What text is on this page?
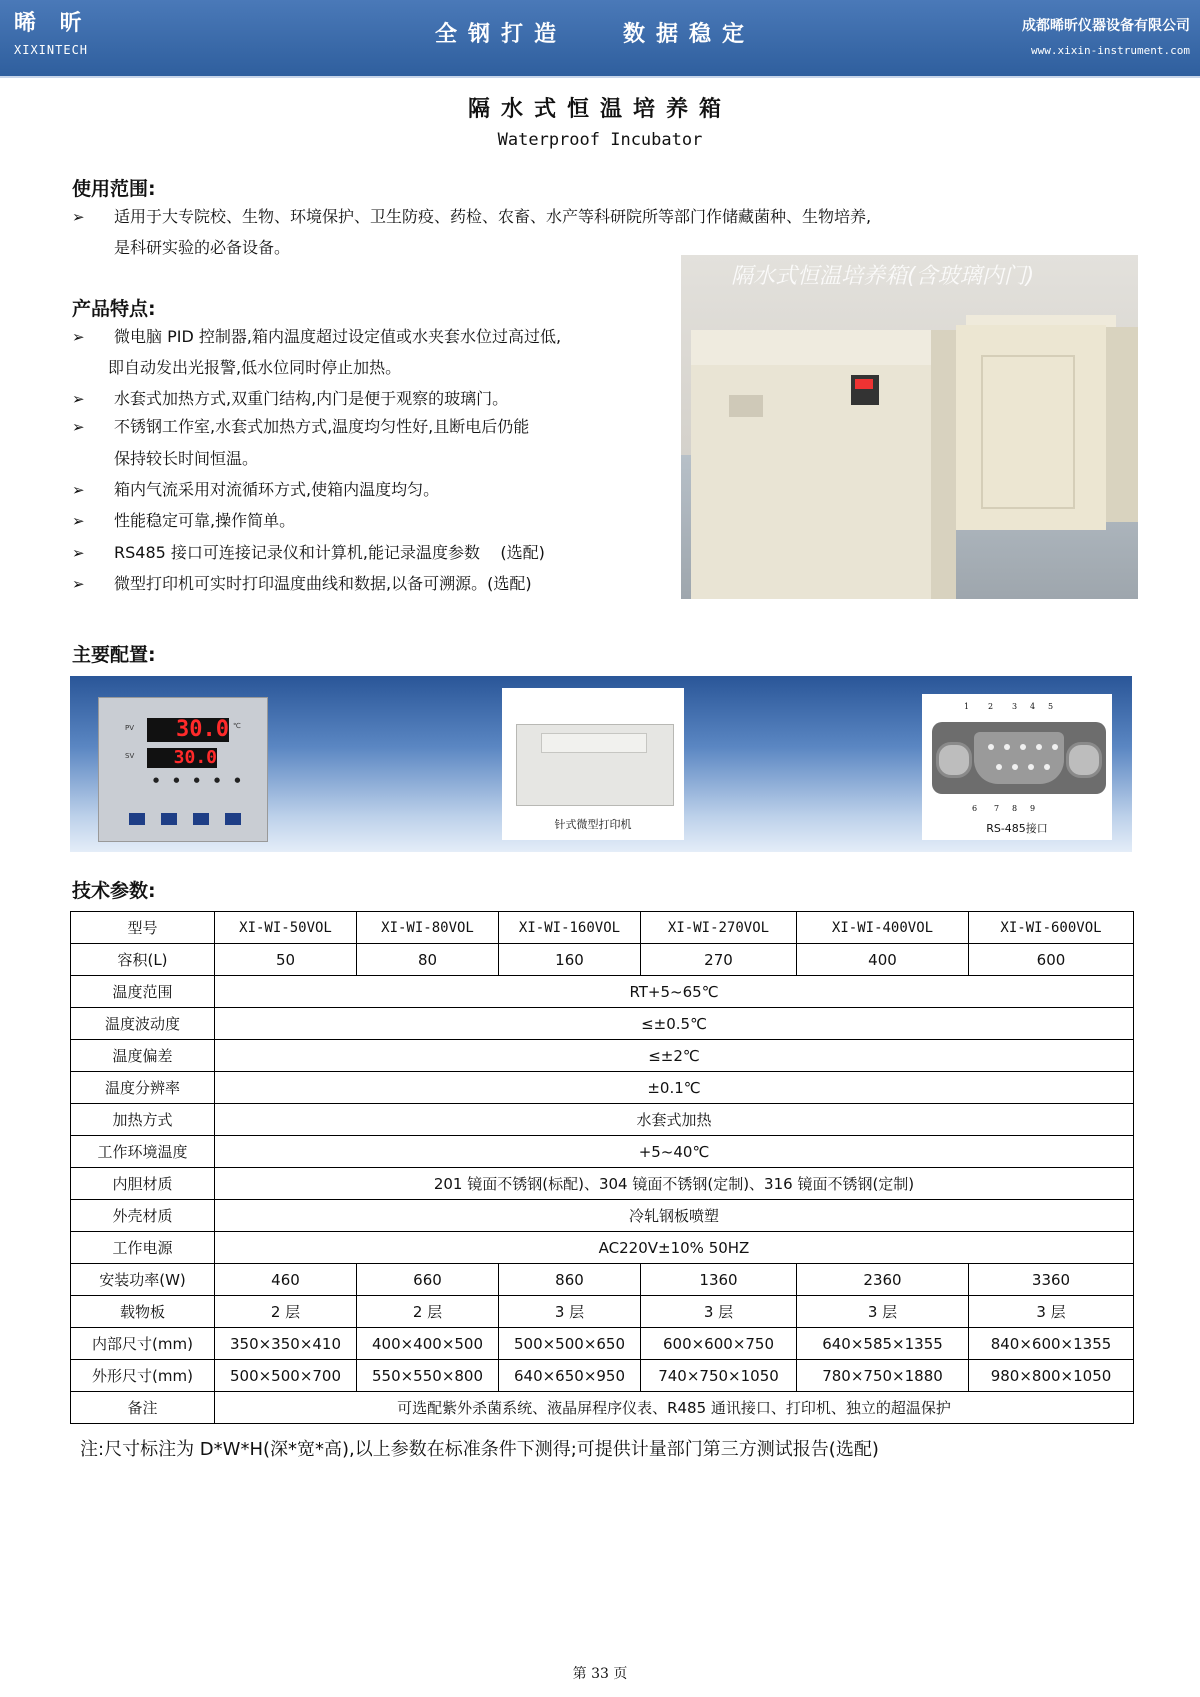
晞 昕
XIXINTECH
全钢打造   数据稳定	成都晞昕仪器设备有限公司
www.xixin-instrument.com
隔水式恒温培养箱
Waterproof Incubator
使用范围:
➢ 适用于大专院校、生物、环境保护、卫生防疫、药检、农畜、水产等科研院所等部门作储藏菌种、生物培养,
是科研实验的必备设备。
产品特点:
➢ 微电脑 PID 控制器,箱内温度超过设定值或水夹套水位过高过低,
即自动发出光报警,低水位同时停止加热。
➢ 水套式加热方式,双重门结构,内门是便于观察的玻璃门。
➢ 不锈钢工作室,水套式加热方式,温度均匀性好,且断电后仍能
保持较长时间恒温。
➢ 箱内气流采用对流循环方式,使箱内温度均匀。
➢ 性能稳定可靠,操作简单。
➢ RS485 接口可连接记录仪和计算机,能记录温度参数    (选配)
➢ 微型打印机可实时打印温度曲线和数据,以备可溯源。(选配)
隔水式恒温培养箱(含玻璃内门)
主要配置:
PV	30.0 ℃
SV	30.0
● ● ● ● ●
针式微型打印机
1 2 3 4 5
6 7 8 9
RS-485接口
技术参数:
型号	XI-WI-50VOL	XI-WI-80VOL	XI-WI-160VOL	XI-WI-270VOL	XI-WI-400VOL	XI-WI-600VOL
容积(L)	50	80	160	270	400	600
温度范围	RT+5~65℃					
温度波动度	≤±0.5℃					
温度偏差	≤±2℃					
温度分辨率	±0.1℃					
加热方式	水套式加热					
工作环境温度	+5~40℃					
内胆材质	201 镜面不锈钢(标配)、304 镜面不锈钢(定制)、316 镜面不锈钢(定制)					
外壳材质	冷轧钢板喷塑					
工作电源	AC220V±10% 50HZ					
安装功率(W)	460	660	860	1360	2360	3360
载物板	2 层	2 层	3 层	3 层	3 层	3 层
内部尺寸(mm)	350×350×410	400×400×500	500×500×650	600×600×750	640×585×1355	840×600×1355
外形尺寸(mm)	500×500×700	550×550×800	640×650×950	740×750×1050	780×750×1880	980×800×1050
备注	可选配紫外杀菌系统、液晶屏程序仪表、R485 通讯接口、打印机、独立的超温保护					
注:尺寸标注为 D*W*H(深*宽*高),以上参数在标准条件下测得;可提供计量部门第三方测试报告(选配)
第 33 页
